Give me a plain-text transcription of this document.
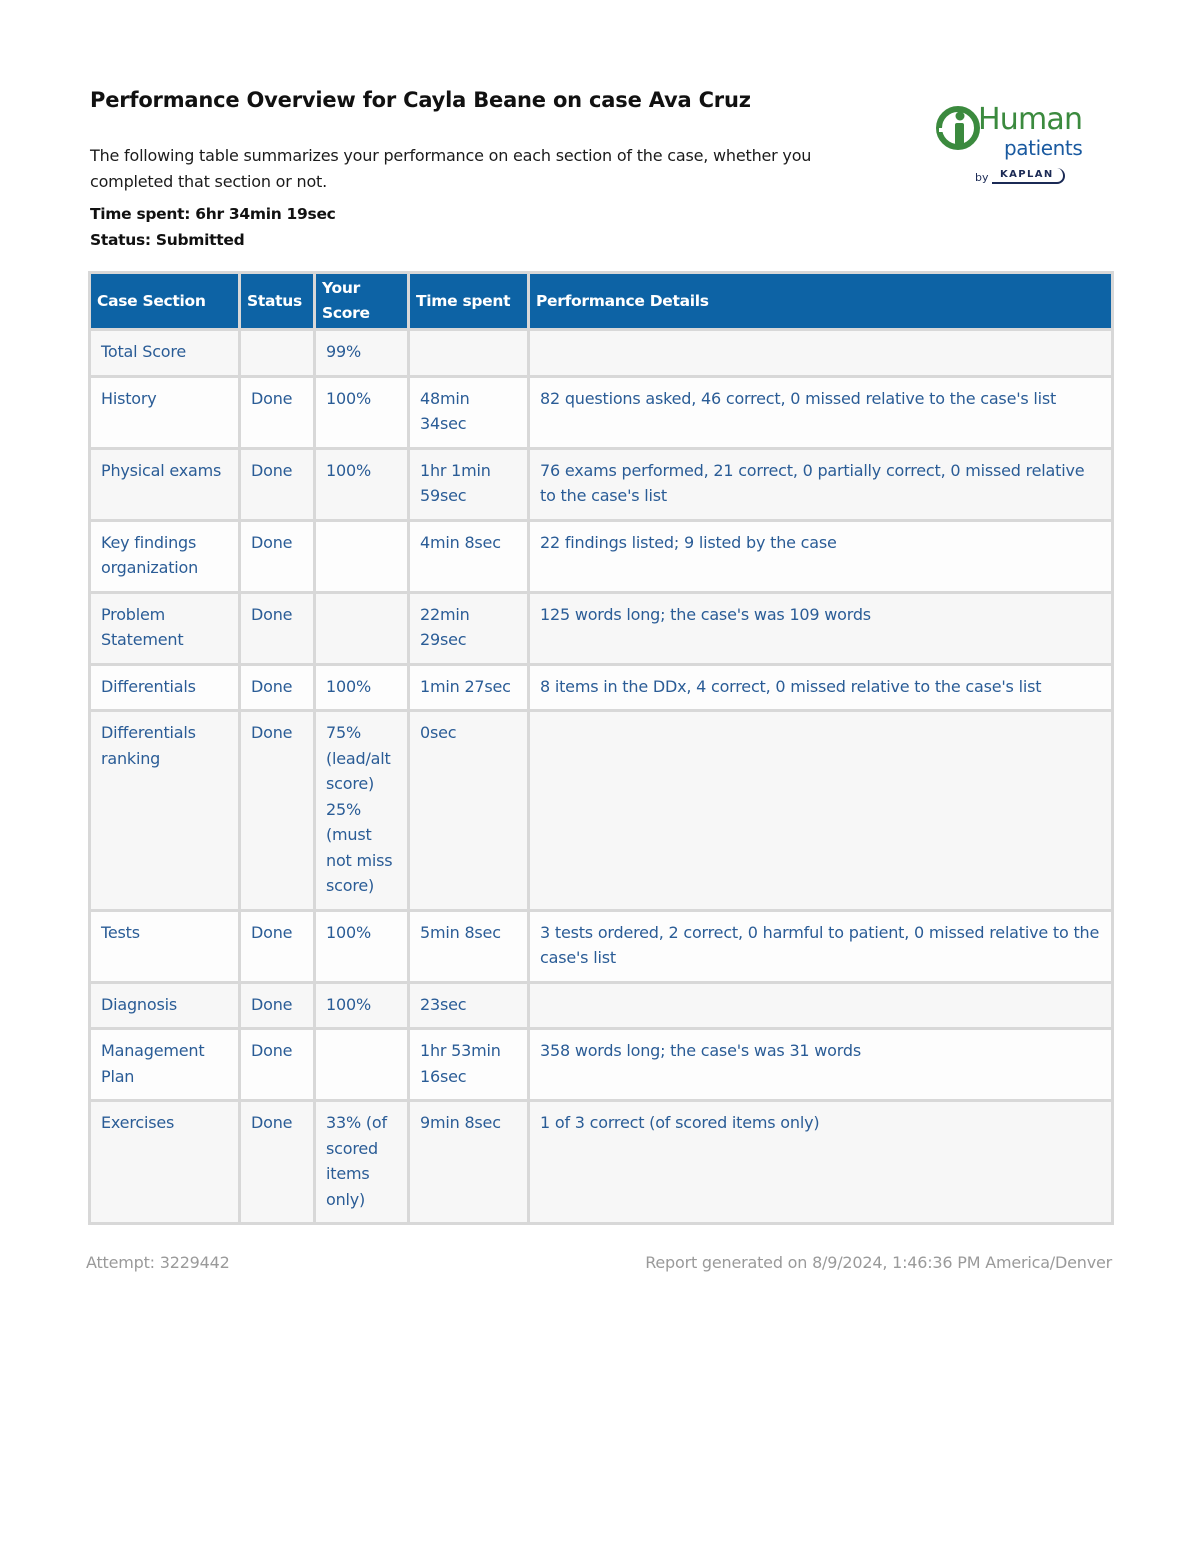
Performance Overview for Cayla Beane on case Ava Cruz

The following table summarizes your performance on each section of the case, whether you completed that section or not.

Time spent: 6hr 34min 19sec

Status: Submitted

Human
patients
by	KAPLAN
Case Section	Status	Your Score	Time spent	Performance Details
Total Score		99%		
History	Done	100%	48min 34sec	82 questions asked, 46 correct, 0 missed relative to the case's list
Physical exams	Done	100%	1hr 1min 59sec	76 exams performed, 21 correct, 0 partially correct, 0 missed relative to the case's list
Key findings organization	Done		4min 8sec	22 findings listed; 9 listed by the case
Problem Statement	Done		22min 29sec	125 words long; the case's was 109 words
Differentials	Done	100%	1min 27sec	8 items in the DDx, 4 correct, 0 missed relative to the case's list
Differentials ranking	Done	75% (lead/alt score) 25% (must not miss score)	0sec	
Tests	Done	100%	5min 8sec	3 tests ordered, 2 correct, 0 harmful to patient, 0 missed relative to the case's list
Diagnosis	Done	100%	23sec	
Management Plan	Done		1hr 53min 16sec	358 words long; the case's was 31 words
Exercises	Done	33% (of scored items only)	9min 8sec	1 of 3 correct (of scored items only)
Attempt: 3229442	Report generated on 8/9/2024, 1:46:36 PM America/Denver
